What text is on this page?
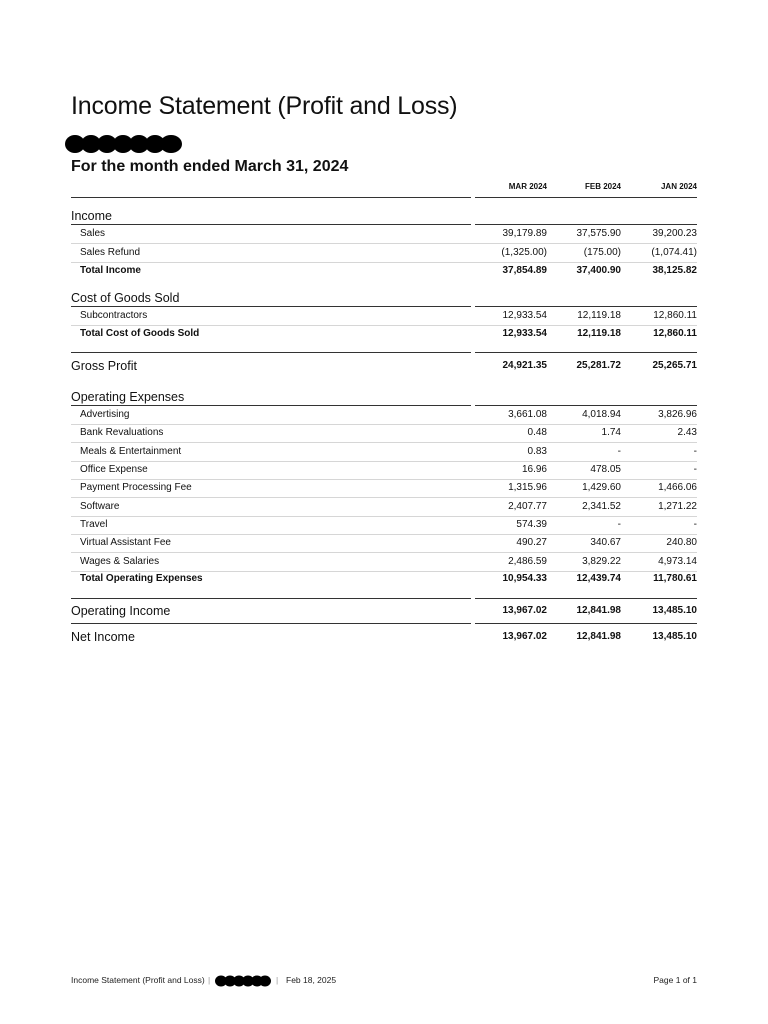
Income Statement (Profit and Loss)
For the month ended March 31, 2024
MAR 2024	FEB 2024	JAN 2024
Income
Sales	39,179.89	37,575.90	39,200.23
Sales Refund	(1,325.00)	(175.00)	(1,074.41)
Total Income	37,854.89	37,400.90	38,125.82
Cost of Goods Sold
Subcontractors	12,933.54	12,119.18	12,860.11
Total Cost of Goods Sold	12,933.54	12,119.18	12,860.11
Gross Profit	24,921.35	25,281.72	25,265.71
Operating Expenses
Advertising	3,661.08	4,018.94	3,826.96
Bank Revaluations	0.48	1.74	2.43
Meals & Entertainment	0.83	-	-
Office Expense	16.96	478.05	-
Payment Processing Fee	1,315.96	1,429.60	1,466.06
Software	2,407.77	2,341.52	1,271.22
Travel	574.39	-	-
Virtual Assistant Fee	490.27	340.67	240.80
Wages & Salaries	2,486.59	3,829.22	4,973.14
Total Operating Expenses	10,954.33	12,439.74	11,780.61
Operating Income	13,967.02	12,841.98	13,485.10
Net Income	13,967.02	12,841.98	13,485.10
Income Statement (Profit and Loss) |	| Feb 18, 2025	Page 1 of 1
